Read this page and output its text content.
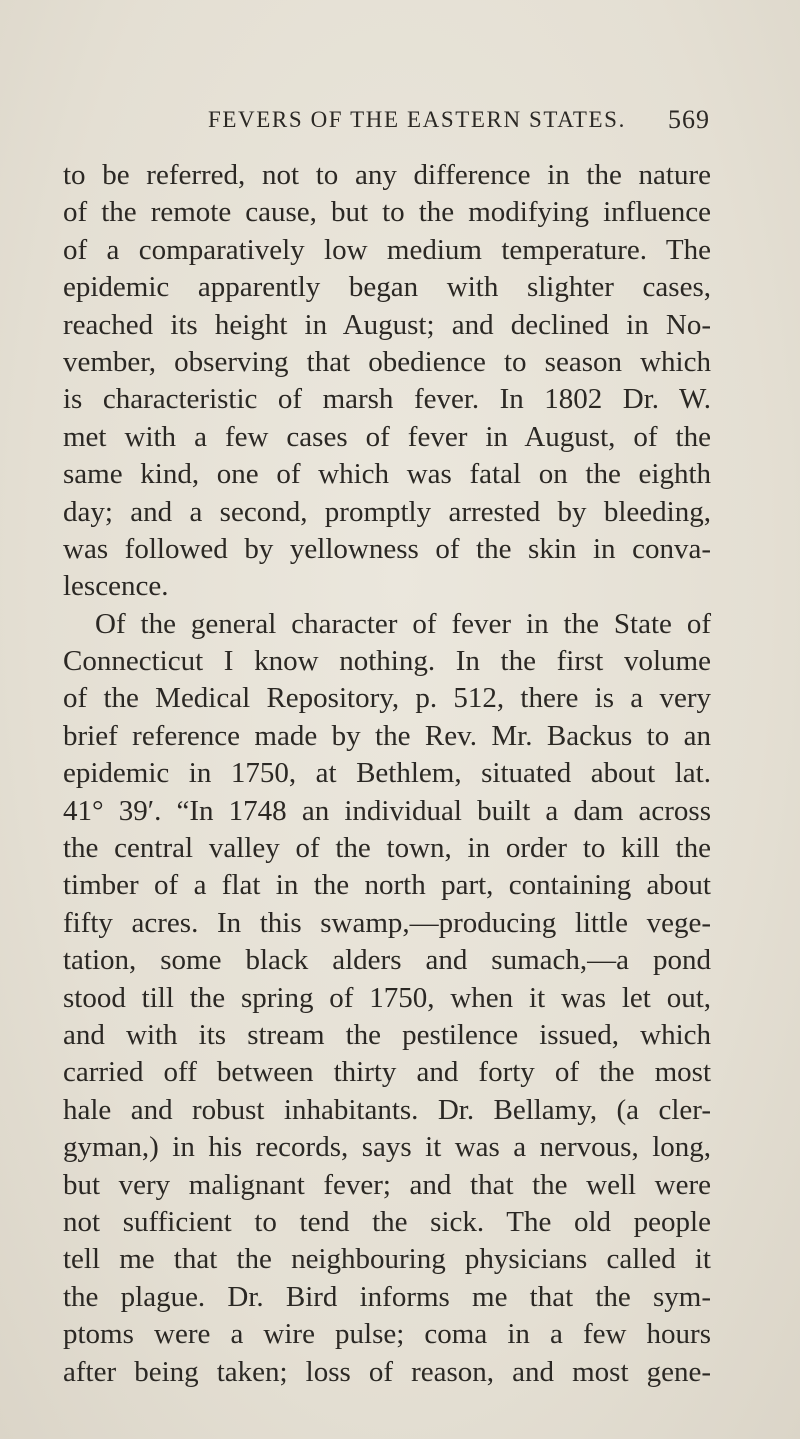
FEVERS OF THE EASTERN STATES. 569
to be referred, not to any difference in the nature
of the remote cause, but to the modifying influence
of a comparatively low medium temperature. The
epidemic apparently began with slighter cases,
reached its height in August; and declined in No-
vember, observing that obedience to season which
is characteristic of marsh fever. In 1802 Dr. W.
met with a few cases of fever in August, of the
same kind, one of which was fatal on the eighth
day; and a second, promptly arrested by bleeding,
was followed by yellowness of the skin in conva-
lescence.
Of the general character of fever in the State of
Connecticut I know nothing. In the first volume
of the Medical Repository, p. 512, there is a very
brief reference made by the Rev. Mr. Backus to an
epidemic in 1750, at Bethlem, situated about lat.
41° 39′. “In 1748 an individual built a dam across
the central valley of the town, in order to kill the
timber of a flat in the north part, containing about
fifty acres. In this swamp,—producing little vege-
tation, some black alders and sumach,—a pond
stood till the spring of 1750, when it was let out,
and with its stream the pestilence issued, which
carried off between thirty and forty of the most
hale and robust inhabitants. Dr. Bellamy, (a cler-
gyman,) in his records, says it was a nervous, long,
but very malignant fever; and that the well were
not sufficient to tend the sick. The old people
tell me that the neighbouring physicians called it
the plague. Dr. Bird informs me that the sym-
ptoms were a wire pulse; coma in a few hours
after being taken; loss of reason, and most gene-
